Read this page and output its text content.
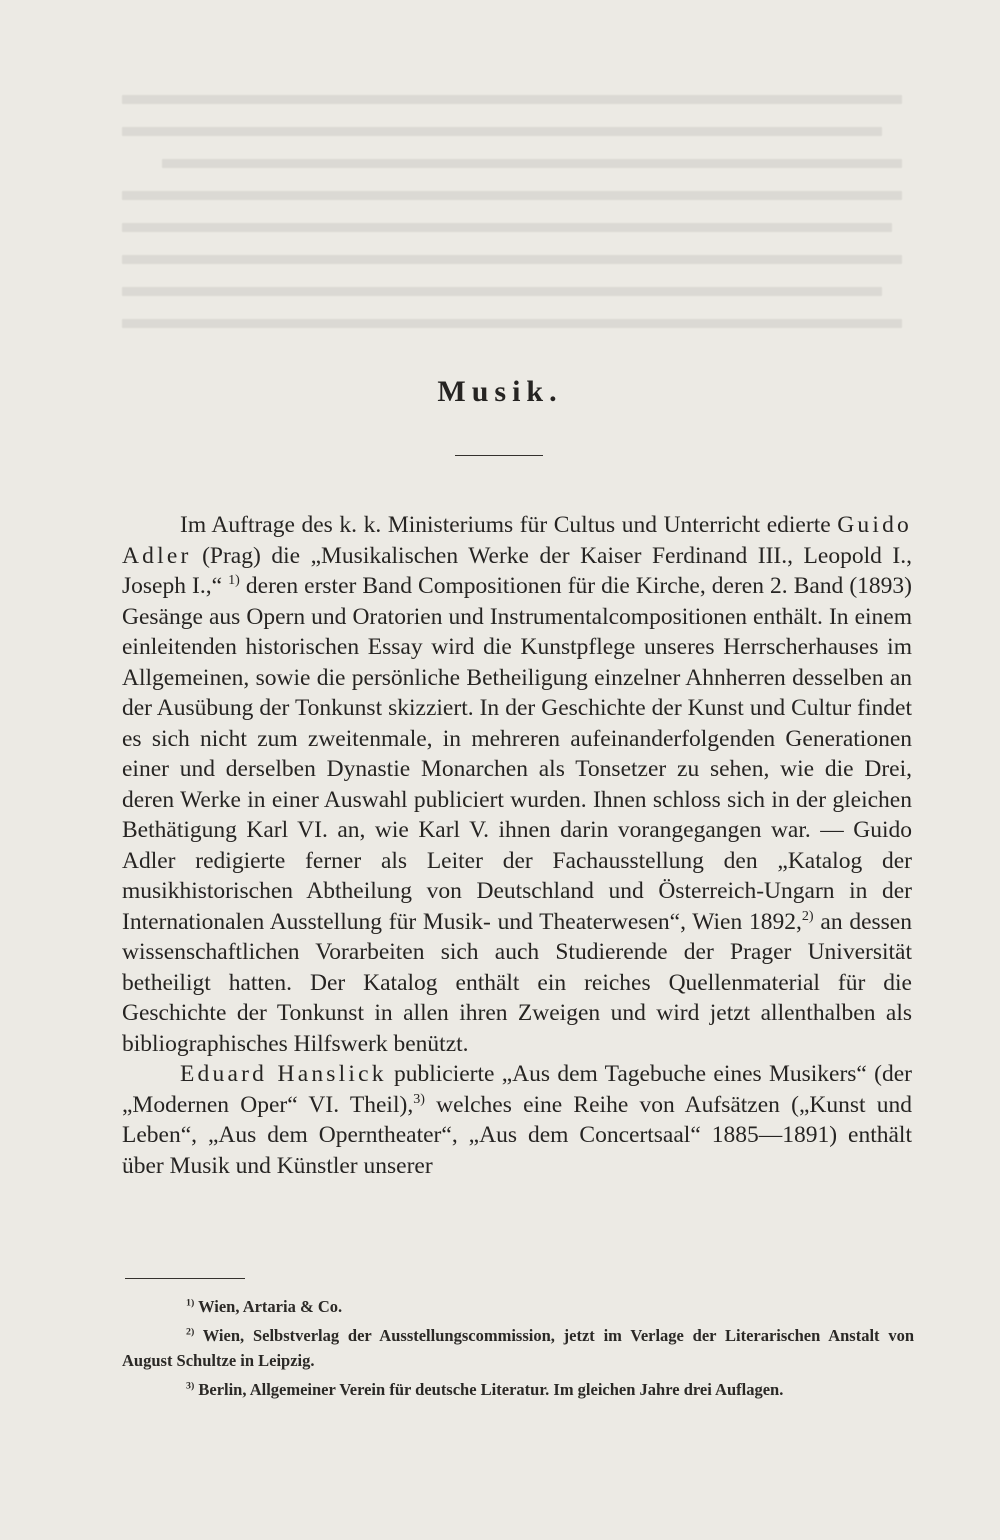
Musik.

Im Auftrage des k. k. Ministeriums für Cultus und Unterricht edierte Guido Adler (Prag) die „Musikalischen Werke der Kaiser Ferdinand III., Leopold I., Joseph I.,“ $^{1)}$ deren erster Band Compositionen für die Kirche, deren 2. Band (1893) Gesänge aus Opern und Oratorien und Instrumentalcompositionen enthält. In einem einleitenden historischen Essay wird die Kunstpflege unseres Herrscherhauses im Allgemeinen, sowie die persönliche Betheiligung einzelner Ahnherren desselben an der Ausübung der Tonkunst skizziert. In der Geschichte der Kunst und Cultur findet es sich nicht zum zweitenmale, in mehreren aufeinanderfolgenden Generationen einer und derselben Dynastie Monarchen als Tonsetzer zu sehen, wie die Drei, deren Werke in einer Auswahl publiciert wurden. Ihnen schloss sich in der gleichen Bethätigung Karl VI. an, wie Karl V. ihnen darin vorangegangen war. — Guido Adler redigierte ferner als Leiter der Fachausstellung den „Katalog der musikhistorischen Abtheilung von Deutschland und Österreich-Ungarn in der Internationalen Ausstellung für Musik- und Theaterwesen“, Wien 1892,$^{2)}$ an dessen wissenschaftlichen Vorarbeiten sich auch Studierende der Prager Universität betheiligt hatten. Der Katalog enthält ein reiches Quellenmaterial für die Geschichte der Tonkunst in allen ihren Zweigen und wird jetzt allenthalben als bibliographisches Hilfswerk benützt.

Eduard Hanslick publicierte „Aus dem Tagebuche eines Musikers“ (der „Modernen Oper“ VI. Theil),$^{3)}$ welches eine Reihe von Aufsätzen („Kunst und Leben“, „Aus dem Operntheater“, „Aus dem Concertsaal“ 1885—1891) enthält über Musik und Künstler unserer

$^{1)}$ Wien, Artaria & Co.

$^{2)}$ Wien, Selbstverlag der Ausstellungscommission, jetzt im Verlage der Literarischen Anstalt von August Schultze in Leipzig.

$^{3)}$ Berlin, Allgemeiner Verein für deutsche Literatur. Im gleichen Jahre drei Auflagen.
